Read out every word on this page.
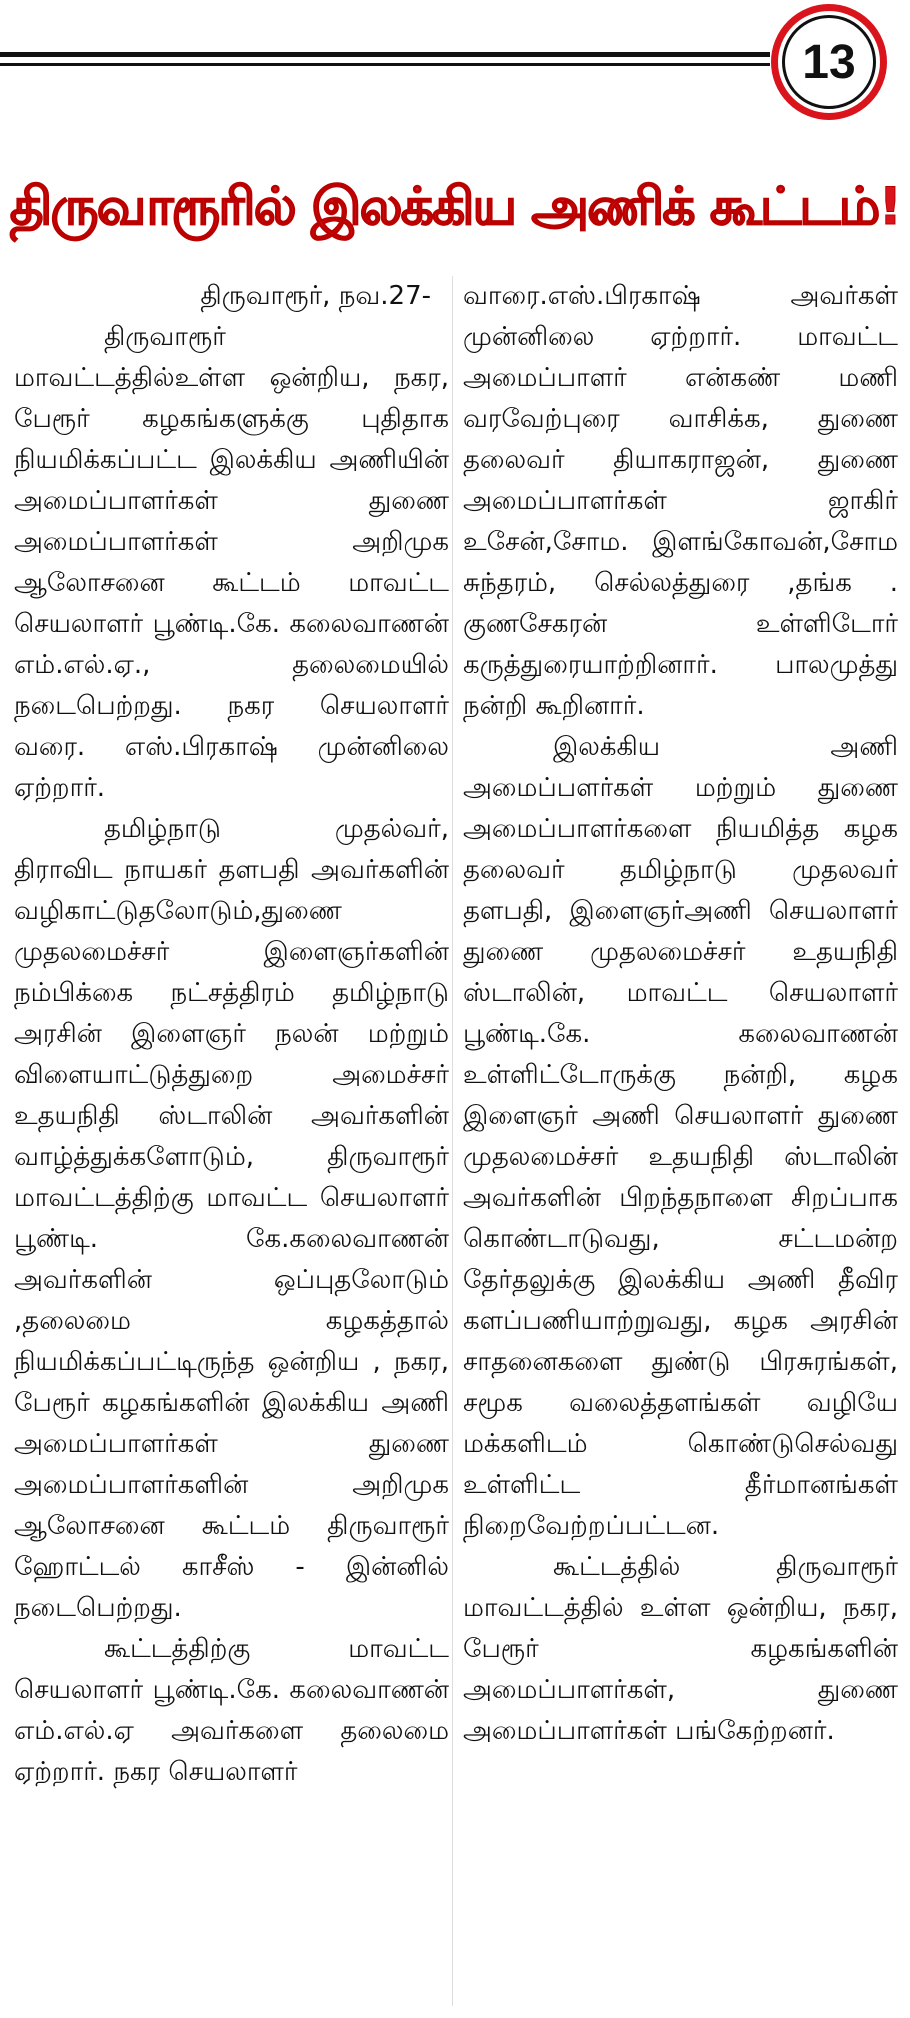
13
திருவாரூரில் இலக்கிய அணிக் கூட்டம்!

திருவாரூர், நவ.27-

திருவாரூர் மாவட்டத்தில்உள்ள ஒன்றிய, நகர, பேரூர் கழகங்களுக்கு புதிதாக நியமிக்கப்பட்ட இலக்கிய அணியின் அமைப்பாளர்கள் துணை அமைப்பாளர்கள் அறிமுக ஆலோசனை கூட்டம் மாவட்ட செயலாளர் பூண்டி.கே. கலைவாணன் எம்.எல்.ஏ., தலைமையில் நடைபெற்றது. நகர செயலாளர் வரை. எஸ்.பிரகாஷ் முன்னிலை ஏற்றார்.

தமிழ்நாடு முதல்வர், திராவிட நாயகர் தளபதி அவர்களின் வழிகாட்டுதலோடும்,துணை முதலமைச்சர் இளைஞர்களின் நம்பிக்கை நட்சத்திரம் தமிழ்நாடு அரசின் இளைஞர் நலன் மற்றும் விளையாட்டுத்துறை அமைச்சர் உதயநிதி ஸ்டாலின் அவர்களின் வாழ்த்துக்களோடும், திருவாரூர் மாவட்டத்திற்கு மாவட்ட செயலாளர் பூண்டி. கே.கலைவாணன் அவர்களின் ஒப்புதலோடும் ,தலைமை கழகத்தால் நியமிக்கப்பட்டிருந்த ஒன்றிய , நகர, பேரூர் கழகங்களின் இலக்கிய அணி அமைப்பாளர்கள் துணை அமைப்பாளர்களின் அறிமுக ஆலோசனை கூட்டம் திருவாரூர் ஹோட்டல் காசீஸ் - இன்னில் நடைபெற்றது.

கூட்டத்திற்கு மாவட்ட செயலாளர் பூண்டி.கே. கலைவாணன் எம்.எல்.ஏ அவர்களை தலைமை ஏற்றார். நகர செயலாளர்

வாரை.எஸ்.பிரகாஷ் அவர்கள் முன்னிலை ஏற்றார். மாவட்ட அமைப்பாளர் என்கண் மணி வரவேற்புரை வாசிக்க, துணை தலைவர் தியாகராஜன், துணை அமைப்பாளர்கள் ஜாகிர் உசேன்,சோம. இளங்கோவன்,சோம சுந்தரம், செல்லத்துரை ,தங்க . குணசேகரன் உள்ளிடோர் கருத்துரையாற்றினார். பாலமுத்து நன்றி கூறினார்.

இலக்கிய அணி அமைப்பளர்கள் மற்றும் துணை அமைப்பாளர்களை நியமித்த கழக தலைவர் தமிழ்நாடு முதலவர் தளபதி, இளைஞர்அணி செயலாளர் துணை முதலமைச்சர் உதயநிதி ஸ்டாலின், மாவட்ட செயலாளர் பூண்டி.கே. கலைவாணன் உள்ளிட்டோருக்கு நன்றி, கழக இளைஞர் அணி செயலாளர் துணை முதலமைச்சர் உதயநிதி ஸ்டாலின் அவர்களின் பிறந்தநாளை சிறப்பாக கொண்டாடுவது, சட்டமன்ற தேர்தலுக்கு இலக்கிய அணி தீவிர களப்பணியாற்றுவது, கழக அரசின் சாதனைகளை துண்டு பிரசுரங்கள், சமூக வலைத்தளங்கள் வழியே மக்களிடம் கொண்டுசெல்வது உள்ளிட்ட தீர்மானங்கள் நிறைவேற்றப்பட்டன.

கூட்டத்தில் திருவாரூர் மாவட்டத்தில் உள்ள ஒன்றிய, நகர, பேரூர் கழகங்களின் அமைப்பாளர்கள், துணை அமைப்பாளர்கள் பங்கேற்றனர்.
